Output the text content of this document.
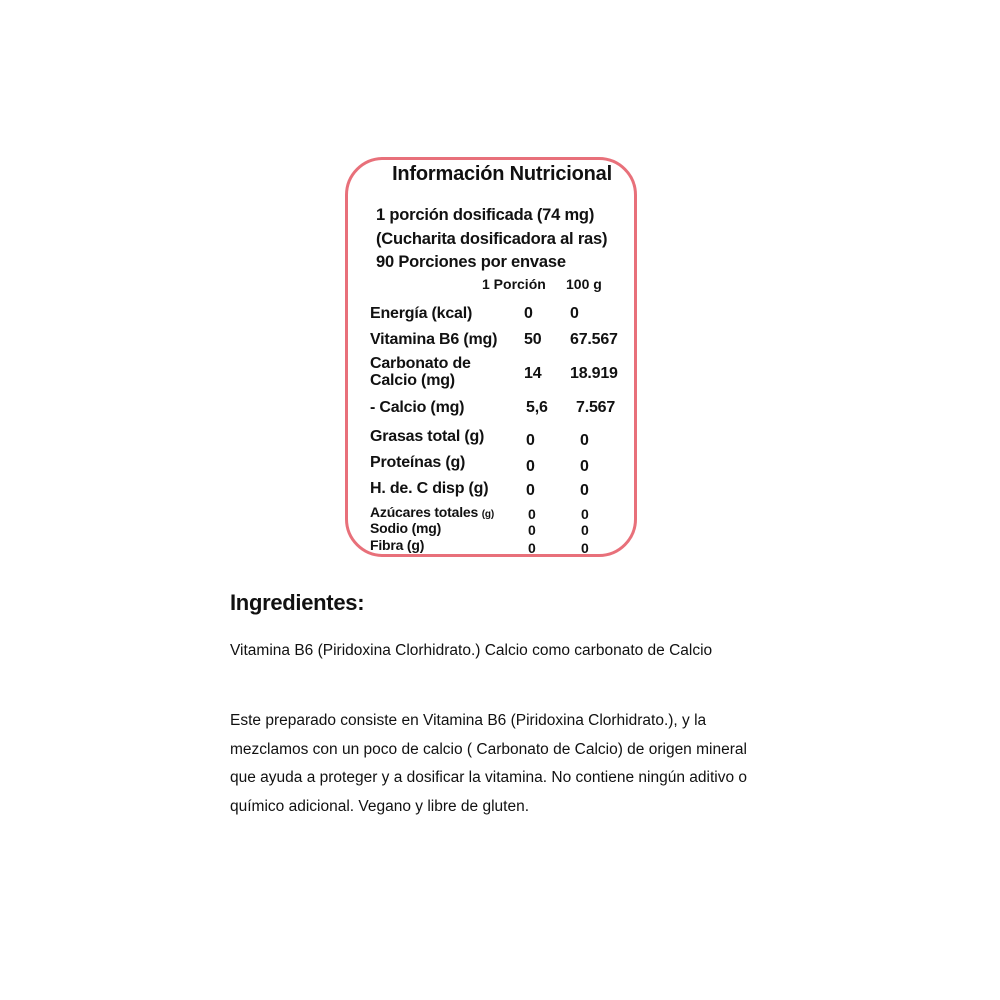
Información Nutricional
1 porción dosificada (74 mg)
(Cucharita dosificadora al ras)
90 Porciones por envase
1 Porción 100 g
Energía (kcal)	0 0
Vitamina B6 (mg) 50 67.567
Carbonato de
Calcio (mg)	14 18.919
- Calcio (mg)	5,6 7.567
Grasas total (g)	0	0
Proteínas (g)	0	0
H. de. C disp (g) 0	0
Azúcares totales (g) 0	0
Sodio (mg)	0	0
Fibra (g)	0	0
Ingredientes:
Vitamina B6 (Piridoxina Clorhidrato.) Calcio como carbonato de Calcio
Este preparado consiste en Vitamina B6 (Piridoxina Clorhidrato.), y la mezclamos con un poco de calcio ( Carbonato de Calcio) de origen mineral que ayuda a proteger y a dosificar la vitamina. No contiene ningún aditivo o químico adicional. Vegano y libre de gluten.
